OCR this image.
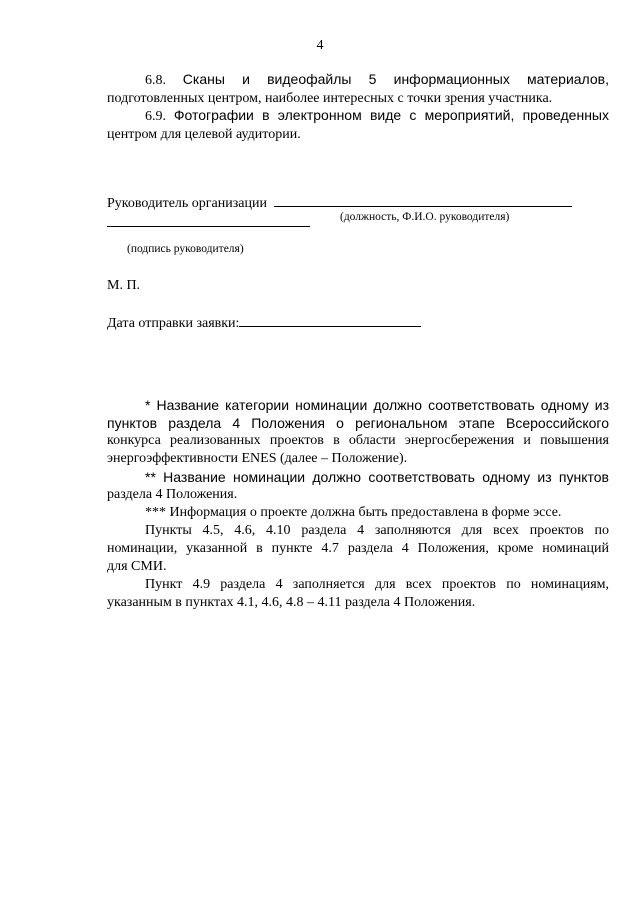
4
6.8. Сканы и видеофайлы 5 информационных материалов,
подготовленных центром, наиболее интересных с точки зрения участника.
6.9. Фотографии в электронном виде с мероприятий, проведенных
центром для целевой аудитории.
Руководитель организации
(должность, Ф.И.О. руководителя)
(подпись руководителя)
М. П.
Дата отправки заявки:
* Название категории номинации должно соответствовать одному из
пунктов раздела 4 Положения о региональном этапе Всероссийского
конкурса реализованных проектов в области энергосбережения и повышения
энергоэффективности ENES (далее – Положение).
** Название номинации должно соответствовать одному из пунктов
раздела 4 Положения.
*** Информация о проекте должна быть предоставлена в форме эссе.
Пункты 4.5, 4.6, 4.10 раздела 4 заполняются для всех проектов по
номинации, указанной в пункте 4.7 раздела 4 Положения, кроме номинаций
для СМИ.
Пункт 4.9 раздела 4 заполняется для всех проектов по номинациям,
указанным в пунктах 4.1, 4.6, 4.8 – 4.11 раздела 4 Положения.
